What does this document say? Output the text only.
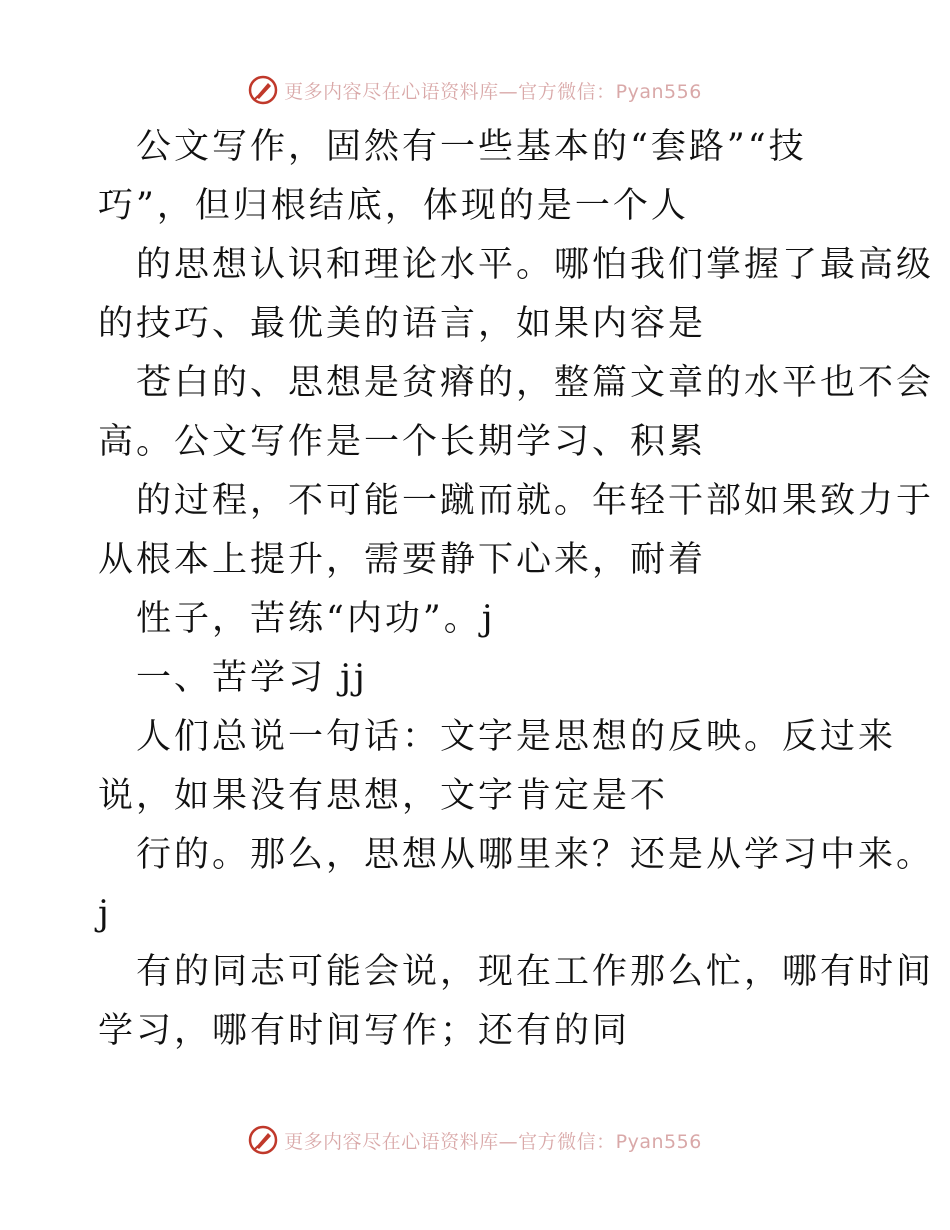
更多内容尽在心语资料库—官方微信：Pyan556
公文写作，固然有一些基本的“套路”“技
巧”，但归根结底，体现的是一个人
的思想认识和理论水平。哪怕我们掌握了最高级
的技巧、最优美的语言，如果内容是
苍白的、思想是贫瘠的，整篇文章的水平也不会
高。公文写作是一个长期学习、积累
的过程，不可能一蹴而就。年轻干部如果致力于
从根本上提升，需要静下心来，耐着
性子，苦练“内功”。j
一、苦学习 jj
人们总说一句话：文字是思想的反映。反过来
说，如果没有思想，文字肯定是不
行的。那么，思想从哪里来？还是从学习中来。
j
有的同志可能会说，现在工作那么忙，哪有时间
学习，哪有时间写作；还有的同
更多内容尽在心语资料库—官方微信：Pyan556
